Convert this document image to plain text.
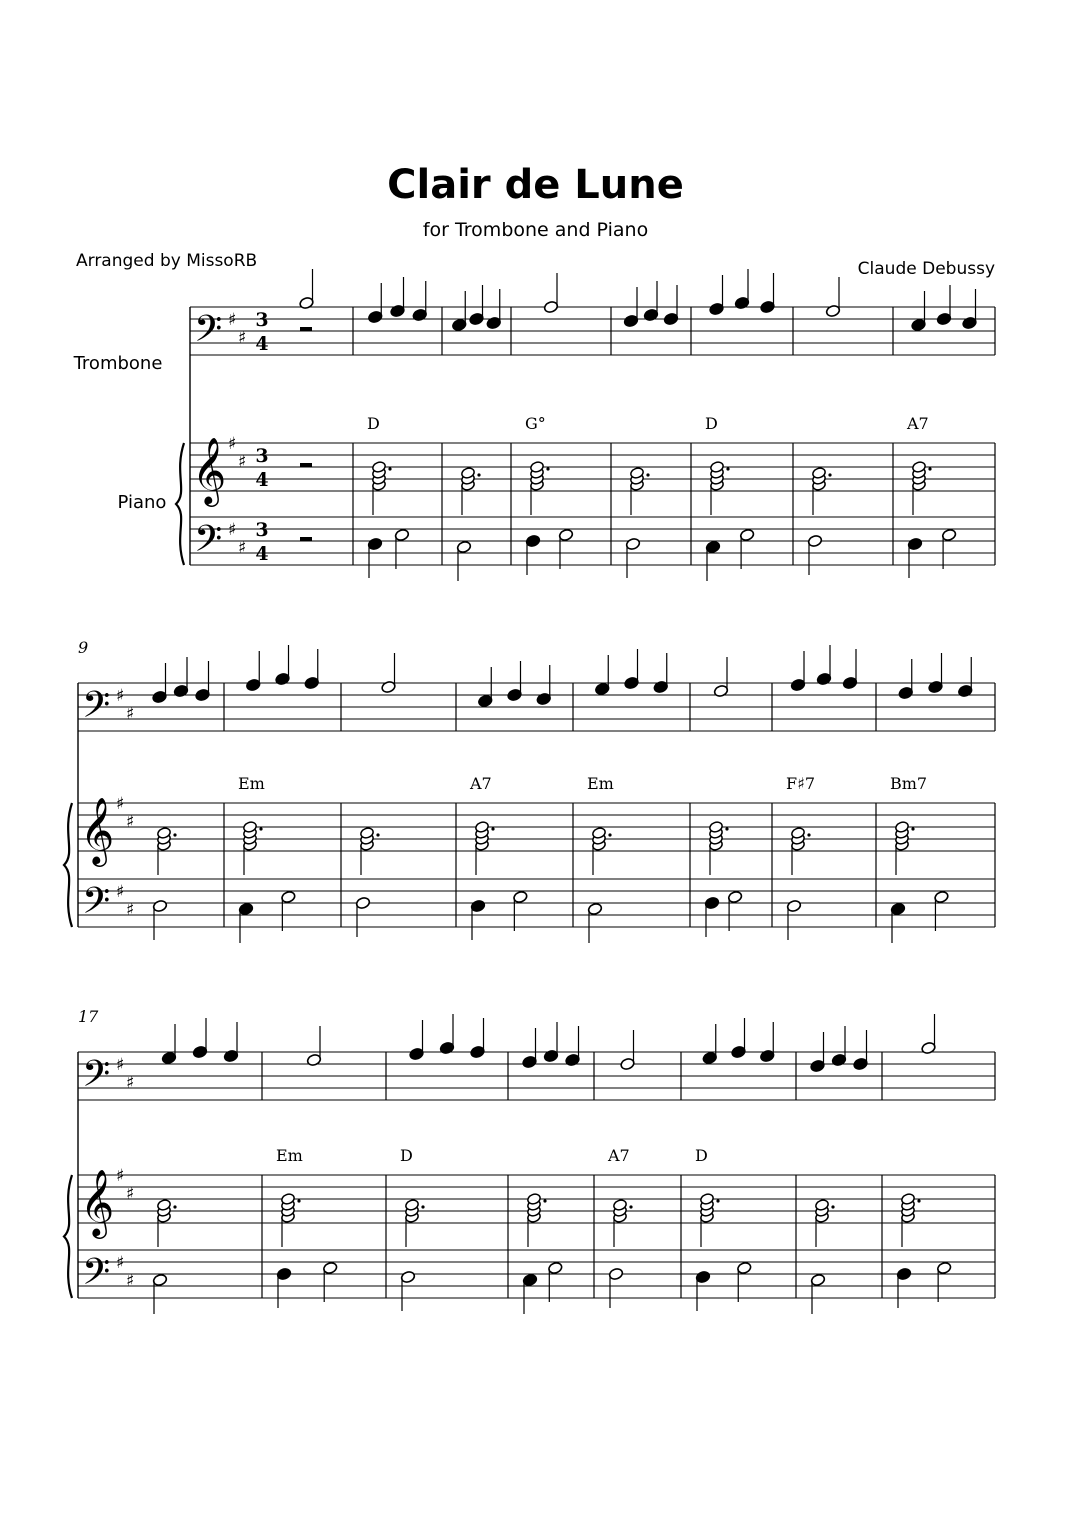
Clair de Lune
for Trombone and Piano
Arranged by MissoRB	Claude Debussy
Trombone
Piano
𝄢
𝄞
𝄢
♯
♯
♯
♯
♯
♯
3
4
3
4
3
4
D	G°	D	A7
𝄢
𝄞
𝄢
♯
♯
♯
♯
♯
♯
9
Em	A7	Em	F♯7	Bm7
𝄢
𝄞
𝄢
♯
♯
♯
♯
♯
♯
17
Em	D	A7	D
